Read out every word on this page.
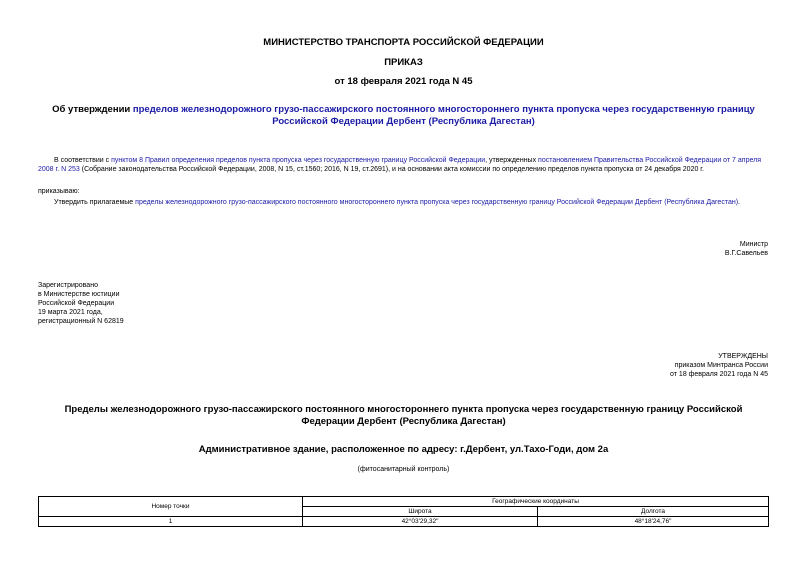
МИНИСТЕРСТВО ТРАНСПОРТА РОССИЙСКОЙ ФЕДЕРАЦИИ
ПРИКАЗ
от 18 февраля 2021 года N 45
Об утверждении пределов железнодорожного грузо-пассажирского постоянного многостороннего пункта пропуска через государственную границу Российской Федерации Дербент (Республика Дагестан)
В соответствии с пунктом 8 Правил определения пределов пункта пропуска через государственную границу Российской Федерации, утвержденных постановлением Правительства Российской Федерации от 7 апреля 2008 г. N 253 (Собрание законодательства Российской Федерации, 2008, N 15, ст.1560; 2016, N 19, ст.2691), и на основании акта комиссии по определению пределов пункта пропуска от 24 декабря 2020 г.
приказываю:
Утвердить прилагаемые пределы железнодорожного грузо-пассажирского постоянного многостороннего пункта пропуска через государственную границу Российской Федерации Дербент (Республика Дагестан).
Министр
В.Г.Савельев
Зарегистрировано
в Министерстве юстиции
Российской Федерации
19 марта 2021 года,
регистрационный N 62819
УТВЕРЖДЕНЫ
приказом Минтранса России
от 18 февраля 2021 года N 45
Пределы железнодорожного грузо-пассажирского постоянного многостороннего пункта пропуска через государственную границу Российской Федерации Дербент (Республика Дагестан)
Административное здание, расположенное по адресу: г.Дербент, ул.Тахо-Годи, дом 2а
(фитосанитарный контроль)
Номер точки	Географические координаты	
	Широта	Долгота
1	42°03'29,32"	48°18'24,76"
